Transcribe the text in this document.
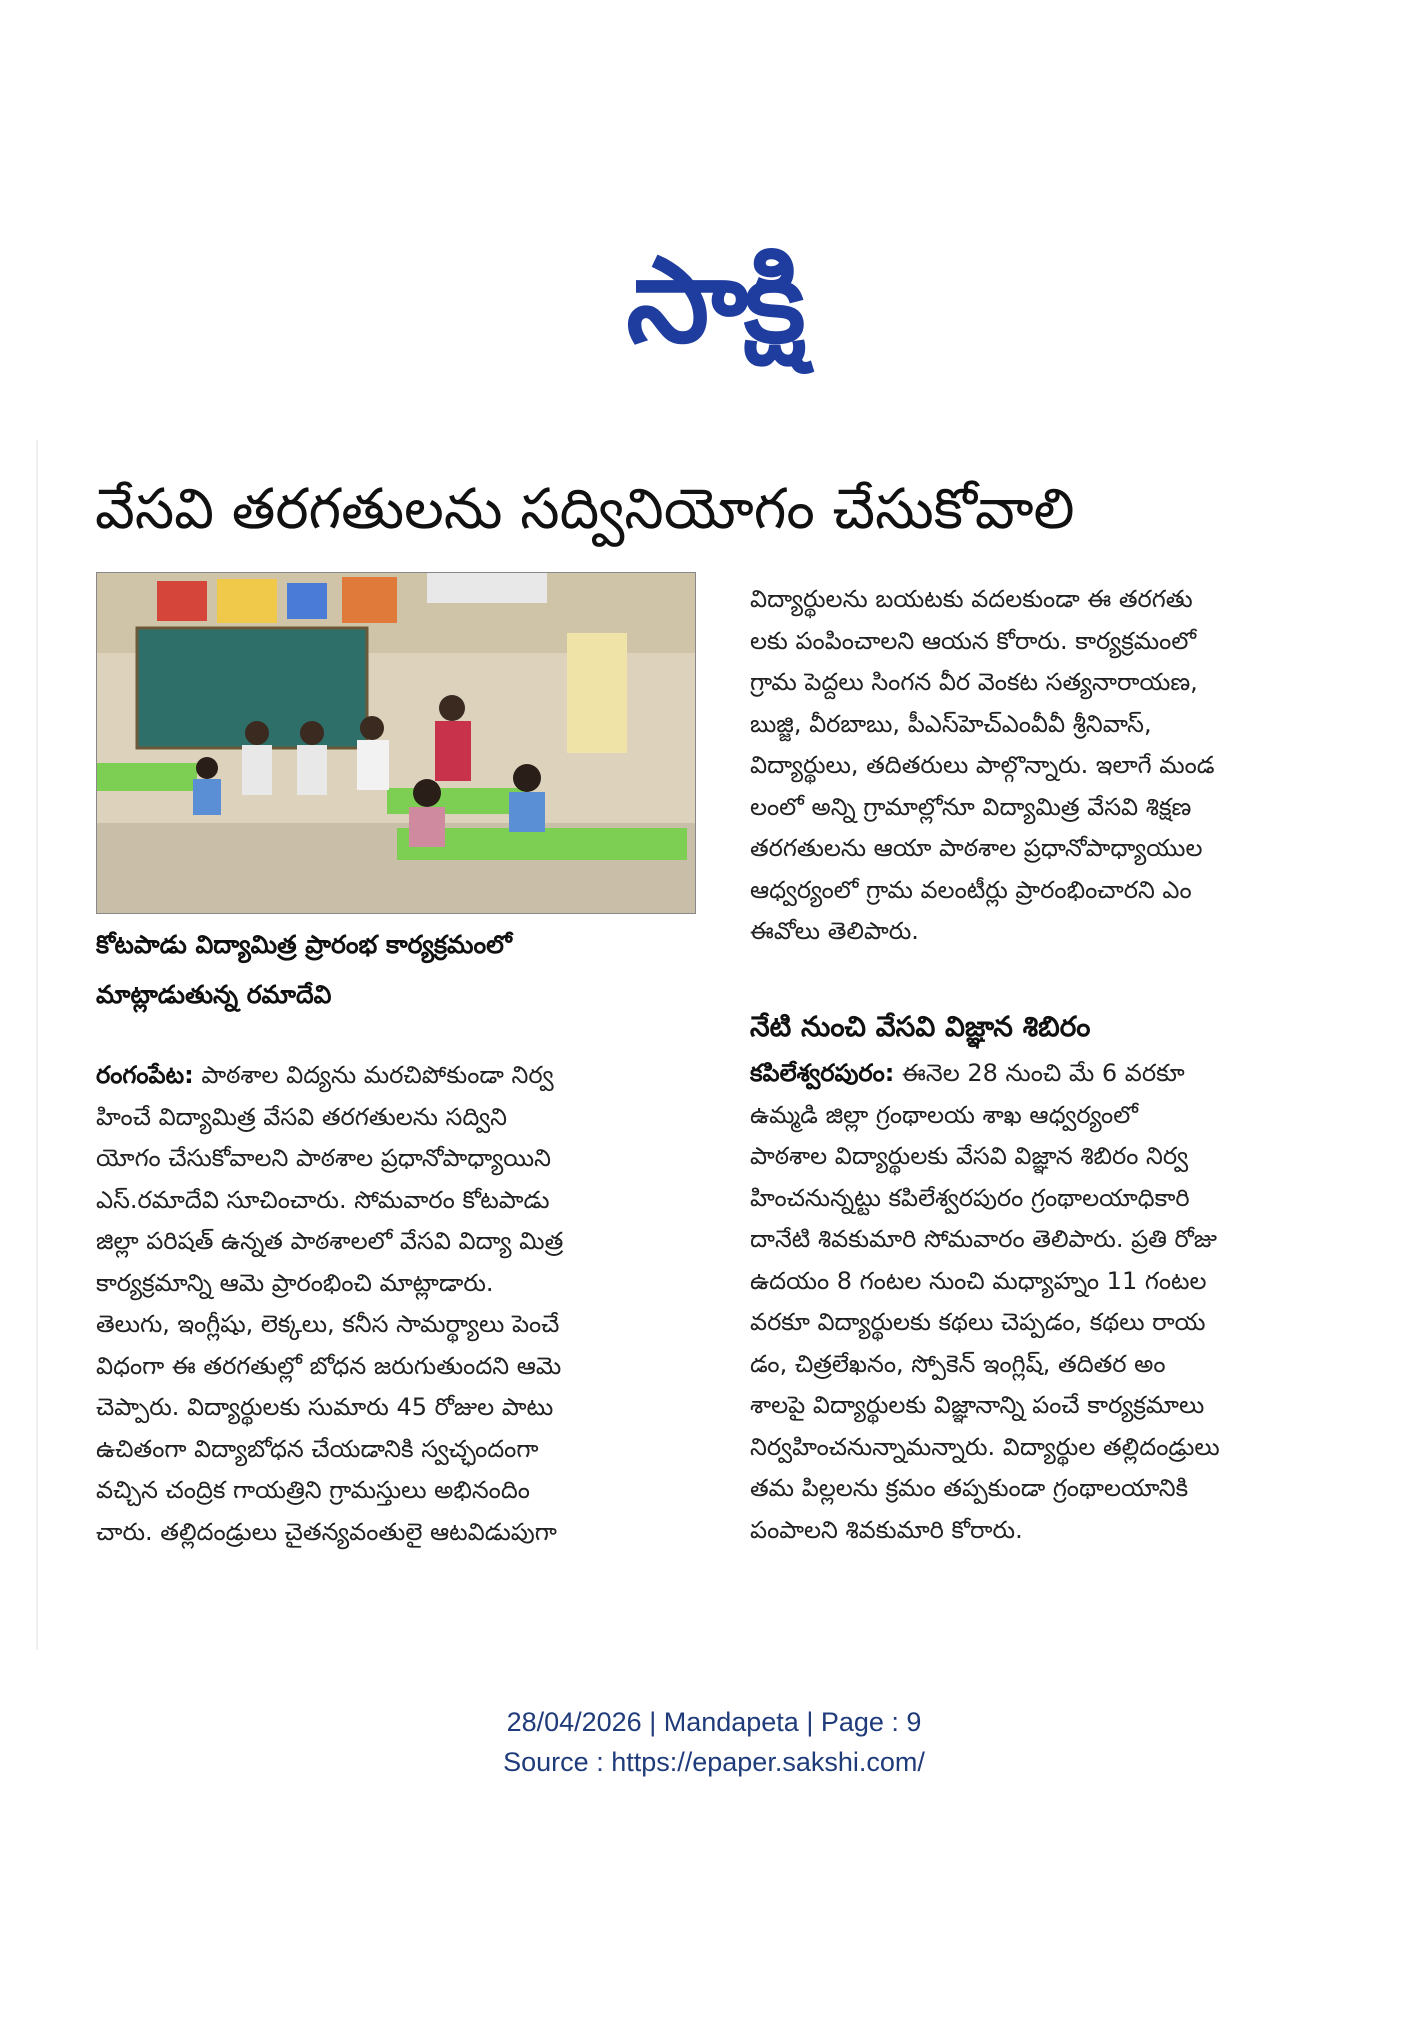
సాక్షి
వేసవి తరగతులను సద్వినియోగం చేసుకోవాలి
కోటపాడు విద్యామిత్ర ప్రారంభ కార్యక్రమంలో
మాట్లాడుతున్న రమాదేవి
రంగంపేట: పాఠశాల విద్యను మరచిపోకుండా నిర్వ
హించే విద్యామిత్ర వేసవి తరగతులను సద్విని
యోగం చేసుకోవాలని పాఠశాల ప్రధానోపాధ్యాయిని
ఎస్.రమాదేవి సూచించారు. సోమవారం కోటపాడు
జిల్లా పరిషత్ ఉన్నత పాఠశాలలో వేసవి విద్యా మిత్ర
కార్యక్రమాన్ని ఆమె ప్రారంభించి మాట్లాడారు.
తెలుగు, ఇంగ్లీషు, లెక్కలు, కనీస సామర్థ్యాలు పెంచే
విధంగా ఈ తరగతుల్లో బోధన జరుగుతుందని ఆమె
చెప్పారు. విద్యార్థులకు సుమారు 45 రోజుల పాటు
ఉచితంగా విద్యాబోధన చేయడానికి స్వచ్ఛందంగా
వచ్చిన చంద్రిక గాయత్రిని గ్రామస్తులు అభినందిం
చారు. తల్లిదండ్రులు చైతన్యవంతులై ఆటవిడుపుగా
విద్యార్థులను బయటకు వదలకుండా ఈ తరగతు
లకు పంపించాలని ఆయన కోరారు. కార్యక్రమంలో
గ్రామ పెద్దలు సింగన వీర వెంకట సత్యనారాయణ,
బుజ్జి, వీరబాబు, పీఎస్‌హెచ్ఎంవీవీ శ్రీనివాస్,
విద్యార్థులు, తదితరులు పాల్గొన్నారు. ఇలాగే మండ
లంలో అన్ని గ్రామాల్లోనూ విద్యామిత్ర వేసవి శిక్షణ
తరగతులను ఆయా పాఠశాల ప్రధానోపాధ్యాయుల
ఆధ్వర్యంలో గ్రామ వలంటీర్లు ప్రారంభించారని ఎం
ఈవోలు తెలిపారు.
నేటి నుంచి వేసవి విజ్ఞాన శిబిరం
కపిలేశ్వరపురం: ఈనెల 28 నుంచి మే 6 వరకూ
ఉమ్మడి జిల్లా గ్రంథాలయ శాఖ ఆధ్వర్యంలో
పాఠశాల విద్యార్థులకు వేసవి విజ్ఞాన శిబిరం నిర్వ
హించనున్నట్టు కపిలేశ్వరపురం గ్రంథాలయాధికారి
దానేటి శివకుమారి సోమవారం తెలిపారు. ప్రతి రోజు
ఉదయం 8 గంటల నుంచి మధ్యాహ్నం 11 గంటల
వరకూ విద్యార్థులకు కథలు చెప్పడం, కథలు రాయ
డం, చిత్రలేఖనం, స్పోకెన్ ఇంగ్లిష్, తదితర అం
శాలపై విద్యార్థులకు విజ్ఞానాన్ని పంచే కార్యక్రమాలు
నిర్వహించనున్నామన్నారు. విద్యార్థుల తల్లిదండ్రులు
తమ పిల్లలను క్రమం తప్పకుండా గ్రంథాలయానికి
పంపాలని శివకుమారి కోరారు.
28/04/2026 | Mandapeta | Page : 9
Source : https://epaper.sakshi.com/
